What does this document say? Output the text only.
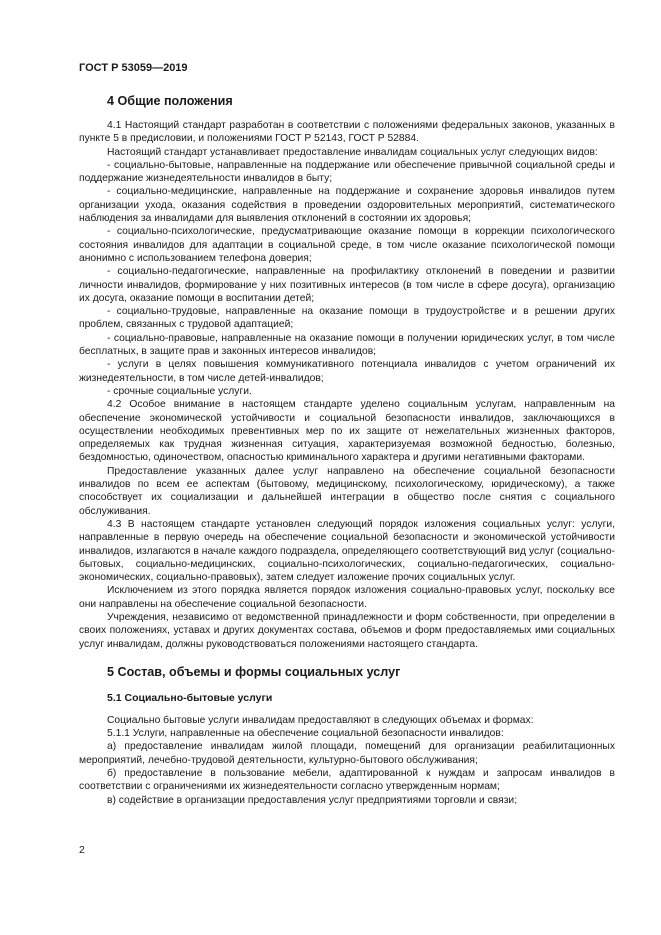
ГОСТ Р 53059—2019
4 Общие положения

4.1 Настоящий стандарт разработан в соответствии с положениями федеральных законов, указанных в пункте 5 в предисловии, и положениями ГОСТ Р 52143, ГОСТ Р 52884.

Настоящий стандарт устанавливает предоставление инвалидам социальных услуг следующих видов:

- социально-бытовые, направленные на поддержание или обеспечение привычной социальной среды и поддержание жизнедеятельности инвалидов в быту;

- социально-медицинские, направленные на поддержание и сохранение здоровья инвалидов путем организации ухода, оказания содействия в проведении оздоровительных мероприятий, систематического наблюдения за инвалидами для выявления отклонений в состоянии их здоровья;

- социально-психологические, предусматривающие оказание помощи в коррекции психологического состояния инвалидов для адаптации в социальной среде, в том числе оказание психологической помощи анонимно с использованием телефона доверия;

- социально-педагогические, направленные на профилактику отклонений в поведении и развитии личности инвалидов, формирование у них позитивных интересов (в том числе в сфере досуга), организацию их досуга, оказание помощи в воспитании детей;

- социально-трудовые, направленные на оказание помощи в трудоустройстве и в решении других проблем, связанных с трудовой адаптацией;

- социально-правовые, направленные на оказание помощи в получении юридических услуг, в том числе бесплатных, в защите прав и законных интересов инвалидов;

- услуги в целях повышения коммуникативного потенциала инвалидов с учетом ограничений их жизнедеятельности, в том числе детей-инвалидов;

- срочные социальные услуги.

4.2 Особое внимание в настоящем стандарте уделено социальным услугам, направленным на обеспечение экономической устойчивости и социальной безопасности инвалидов, заключающихся в осуществлении необходимых превентивных мер по их защите от нежелательных жизненных факторов, определяемых как трудная жизненная ситуация, характеризуемая возможной бедностью, болезнью, бездомностью, одиночеством, опасностью криминального характера и другими негативными факторами.

Предоставление указанных далее услуг направлено на обеспечение социальной безопасности инвалидов по всем ее аспектам (бытовому, медицинскому, психологическому, юридическому), а также способствует их социализации и дальнейшей интеграции в общество после снятия с социального обслуживания.

4.3 В настоящем стандарте установлен следующий порядок изложения социальных услуг: услуги, направленные в первую очередь на обеспечение социальной безопасности и экономической устойчивости инвалидов, излагаются в начале каждого подраздела, определяющего соответствующий вид услуг (социально-бытовых, социально-медицинских, социально-психологических, социально-педагогических, социально-экономических, социально-правовых), затем следует изложение прочих социальных услуг.

Исключением из этого порядка является порядок изложения социально-правовых услуг, поскольку все они направлены на обеспечение социальной безопасности.

Учреждения, независимо от ведомственной принадлежности и форм собственности, при определении в своих положениях, уставах и других документах состава, объемов и форм предоставляемых ими социальных услуг инвалидам, должны руководствоваться положениями настоящего стандарта.

5 Состав, объемы и формы социальных услуг
5.1 Социально-бытовые услуги

Социально бытовые услуги инвалидам предоставляют в следующих объемах и формах:

5.1.1 Услуги, направленные на обеспечение социальной безопасности инвалидов:

а) предоставление инвалидам жилой площади, помещений для организации реабилитационных мероприятий, лечебно-трудовой деятельности, культурно-бытового обслуживания;

б) предоставление в пользование мебели, адаптированной к нуждам и запросам инвалидов в соответствии с ограничениями их жизнедеятельности согласно утвержденным нормам;

в) содействие в организации предоставления услуг предприятиями торговли и связи;

2
